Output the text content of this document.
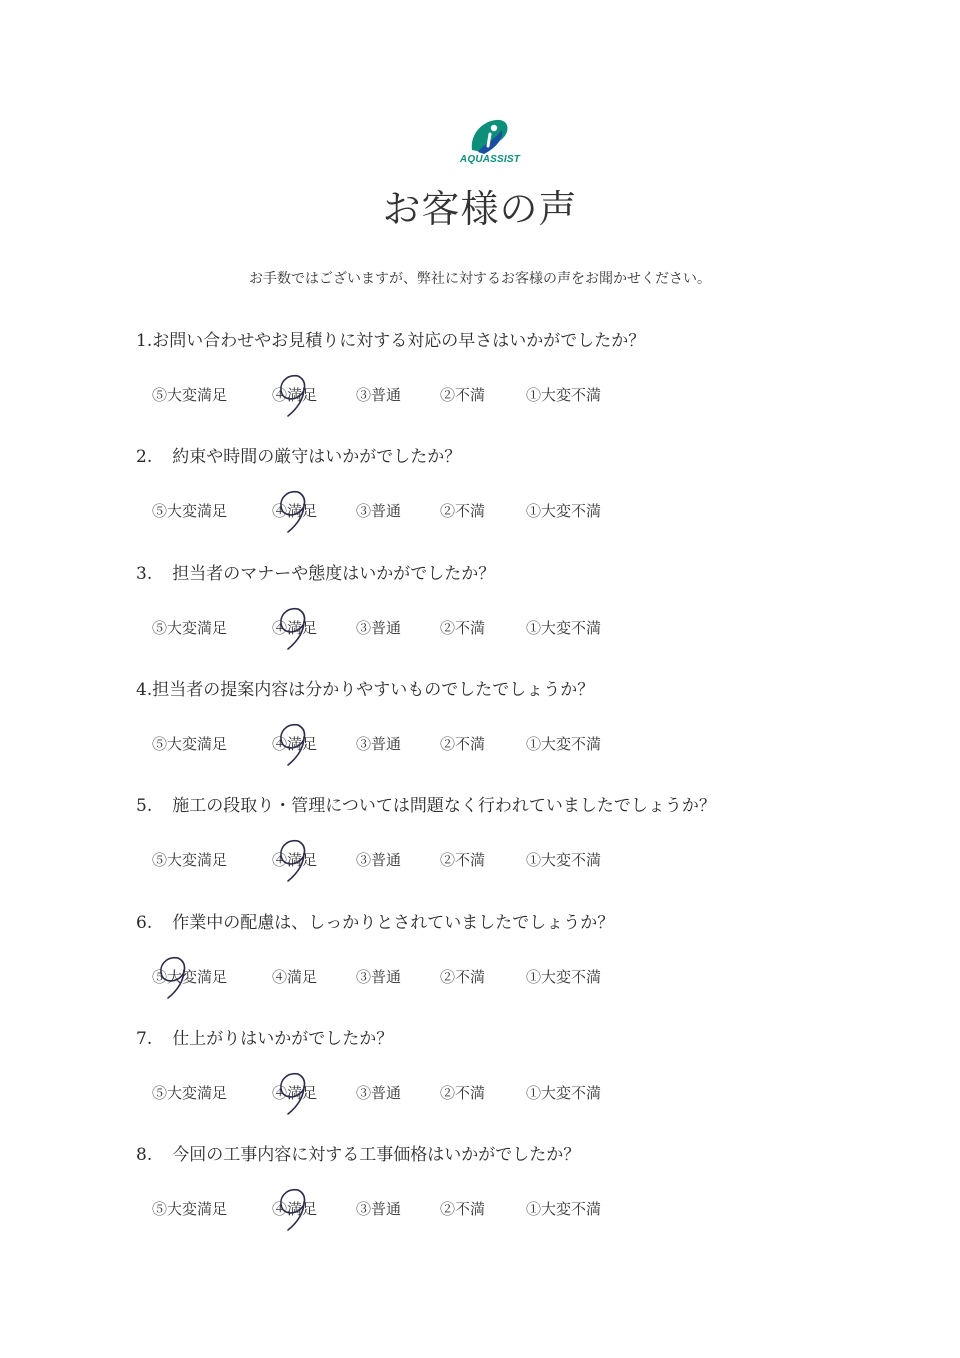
AQUASSIST
お客様の声
お手数ではございますが、弊社に対するお客様の声をお聞かせください。
1.お問い合わせやお見積りに対する対応の早さはいかがでしたか？
⑤大変満足	④満足	③普通	②不満	①大変不満
2. 約束や時間の厳守はいかがでしたか？
⑤大変満足	④満足	③普通	②不満	①大変不満
3. 担当者のマナーや態度はいかがでしたか？
⑤大変満足	④満足	③普通	②不満	①大変不満
4.担当者の提案内容は分かりやすいものでしたでしょうか？
⑤大変満足	④満足	③普通	②不満	①大変不満
5. 施工の段取り・管理については問題なく行われていましたでしょうか？
⑤大変満足	④満足	③普通	②不満	①大変不満
6. 作業中の配慮は、しっかりとされていましたでしょうか？
⑤大変満足	④満足	③普通	②不満	①大変不満
7. 仕上がりはいかがでしたか？
⑤大変満足	④満足	③普通	②不満	①大変不満
8. 今回の工事内容に対する工事価格はいかがでしたか？
⑤大変満足	④満足	③普通	②不満	①大変不満
